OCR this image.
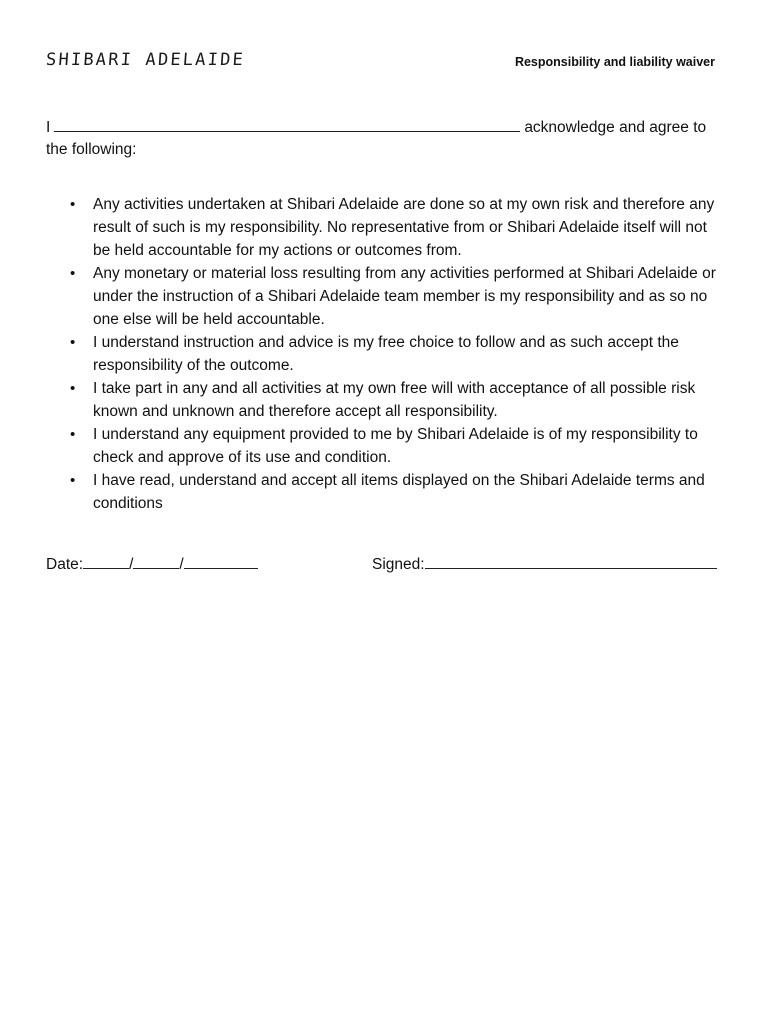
SHIBARI ADELAIDE	Responsibility and liability waiver
I	acknowledge and agree to the following:
• Any activities undertaken at Shibari Adelaide are done so at my own risk and therefore any result of such is my responsibility. No representative from or Shibari Adelaide itself will not be held accountable for my actions or outcomes from.
• Any monetary or material loss resulting from any activities performed at Shibari Adelaide or under the instruction of a Shibari Adelaide team member is my responsibility and as so no one else will be held accountable.
• I understand instruction and advice is my free choice to follow and as such accept the responsibility of the outcome.
• I take part in any and all activities at my own free will with acceptance of all possible risk known and unknown and therefore accept all responsibility.
• I understand any equipment provided to me by Shibari Adelaide is of my responsibility to check and approve of its use and condition.
• I have read, understand and accept all items displayed on the Shibari Adelaide terms and conditions
Date:	/	/	Signed:
